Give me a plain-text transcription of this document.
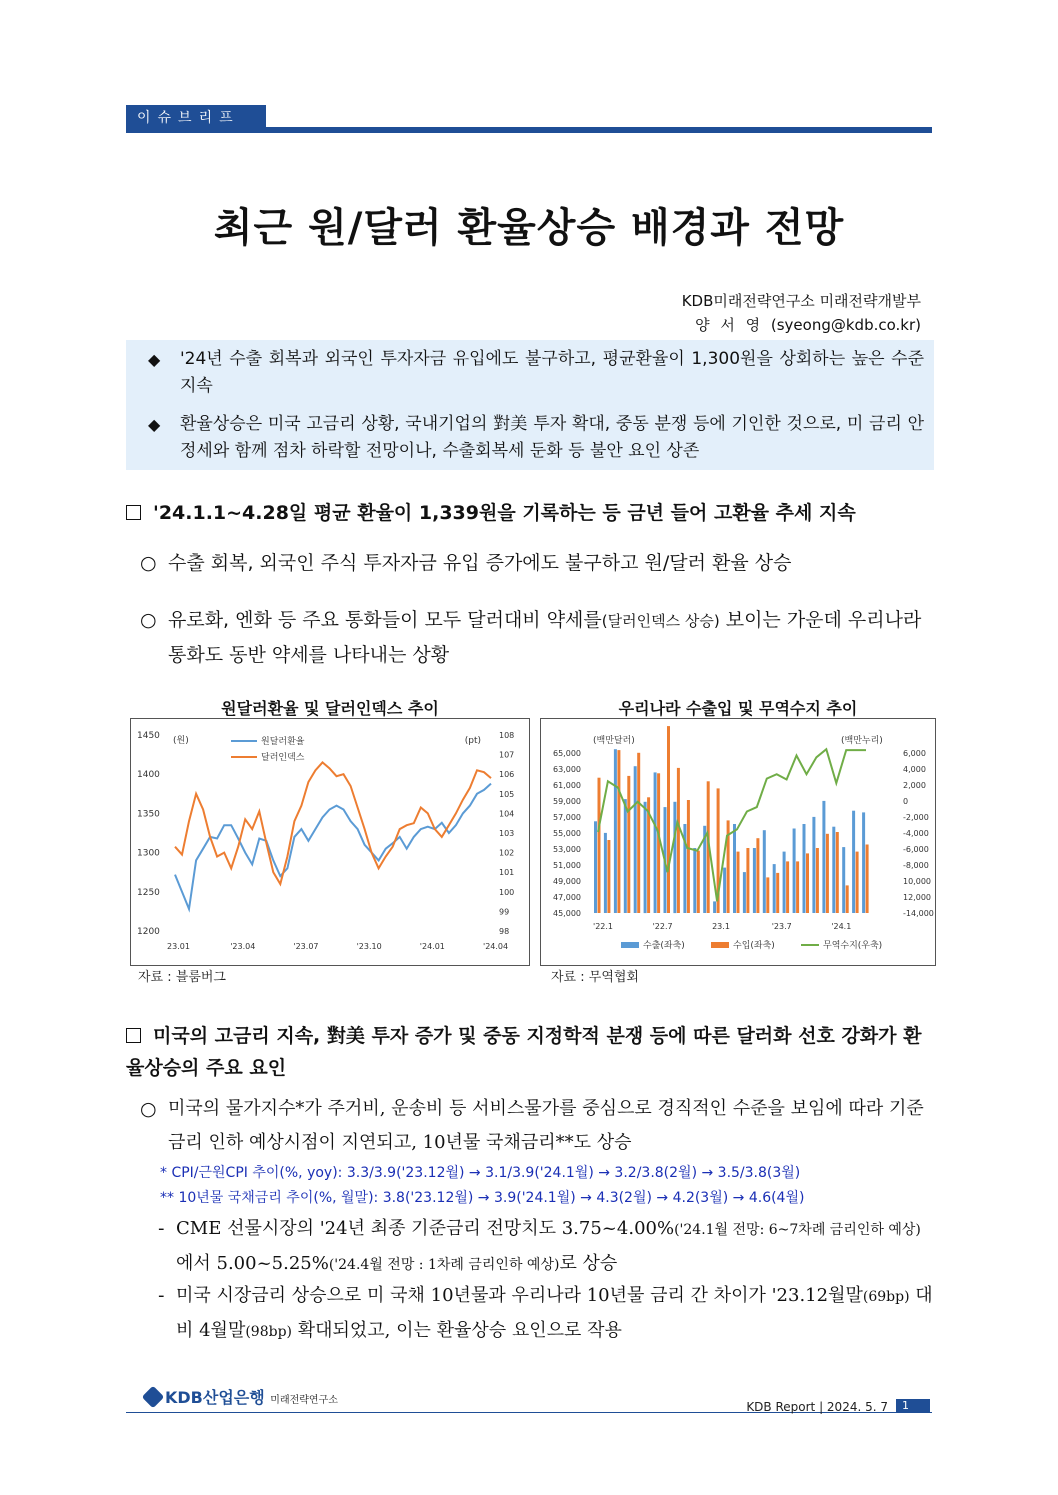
이슈브리프
최근 원/달러 환율상승 배경과 전망
KDB미래전략연구소 미래전략개발부
양 서 영 (syeong@kdb.co.kr)
◆	'24년 수출 회복과 외국인 투자자금 유입에도 불구하고, 평균환율이 1,300원을 상회하는 높은 수준 지속
◆	환율상승은 미국 고금리 상황, 국내기업의 對美 투자 확대, 중동 분쟁 등에 기인한 것으로, 미 금리 안정세와 함께 점차 하락할 전망이나, 수출회복세 둔화 등 불안 요인 상존
'24.1.1~4.28일 평균 환율이 1,339원을 기록하는 등 금년 들어 고환율 추세 지속
○ 수출 회복, 외국인 주식 투자자금 유입 증가에도 불구하고 원/달러 환율 상승
○ 유로화, 엔화 등 주요 통화들이 모두 달러대비 약세를(달러인덱스 상승) 보이는 가운데 우리나라 통화도 동반 약세를 나타내는 상황
원달러환율 및 달러인덱스 추이
(원)	(pt)
1450
1400
1350
1300
1250
1200
108
107
106
105
104
103
102
101
100
99
98
23.01	'23.04	'23.07	'23.10	'24.01	'24.04
원달러환율
달러인덱스
자료 : 블룸버그
우리나라 수출입 및 무역수지 추이
(백만달러)	(백만누리)
65,000
63,000
61,000
59,000
57,000
55,000
53,000
51,000
49,000
47,000
45,000
6,000
4,000
2,000
0
-2,000
-4,000
-6,000
-8,000
10,000
12,000
-14,000
'22.1	'22.7	23.1	'23.7	'24.1
수출(좌축)	수입(좌축)	무역수지(우축)
자료 : 무역협회
미국의 고금리 지속, 對美 투자 증가 및 중동 지정학적 분쟁 등에 따른 달러화 선호 강화가 환율상승의 주요 요인
○ 미국의 물가지수*가 주거비, 운송비 등 서비스물가를 중심으로 경직적인 수준을 보임에 따라 기준금리 인하 예상시점이 지연되고, 10년물 국채금리**도 상승
* CPI/근원CPI 추이(%, yoy): 3.3/3.9('23.12월) → 3.1/3.9('24.1월) → 3.2/3.8(2월) → 3.5/3.8(3월)
** 10년물 국채금리 추이(%, 월말): 3.8('23.12월) → 3.9('24.1월) → 4.3(2월) → 4.2(3월) → 4.6(4월)
- CME 선물시장의 '24년 최종 기준금리 전망치도 3.75~4.00%('24.1월 전망: 6~7차례 금리인하 예상)에서 5.00~5.25%('24.4월 전망 : 1차례 금리인하 예상)로 상승
- 미국 시장금리 상승으로 미 국채 10년물과 우리나라 10년물 금리 간 차이가 '23.12월말(69bp) 대비 4월말(98bp) 확대되었고, 이는 환율상승 요인으로 작용
KDB산업은행 미래전략연구소	KDB Report | 2024. 5. 7	1
